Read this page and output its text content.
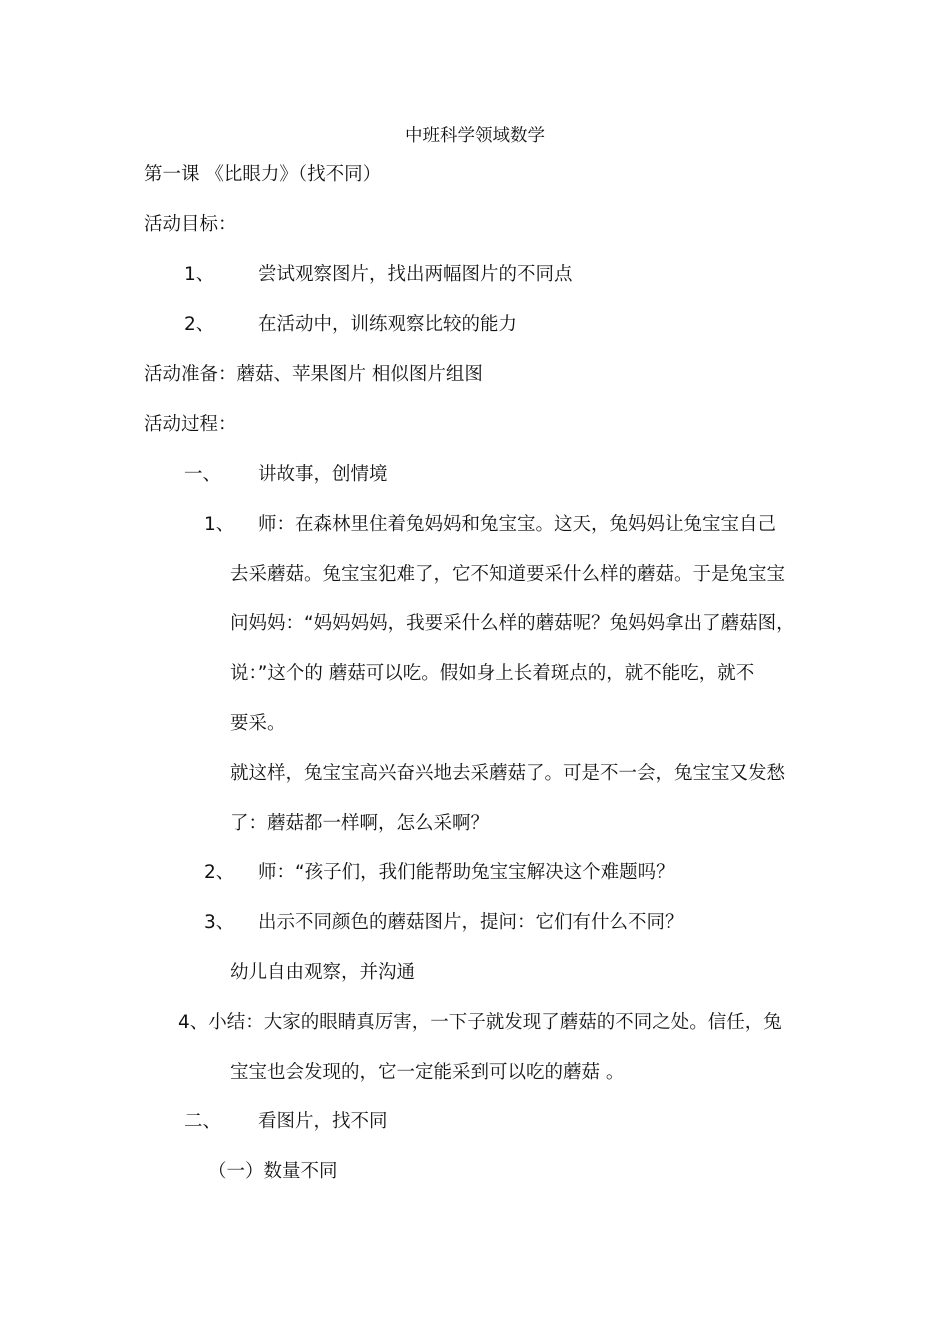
中班科学领域数学
第一课 《比眼力》（找不同）
活动目标：
1、 尝试观察图片，找出两幅图片的不同点
2、 在活动中，训练观察比较的能力
活动准备：蘑菇、苹果图片 相似图片组图
活动过程：
一、 讲故事，创情境
1、 师：在森林里住着兔妈妈和兔宝宝。这天，兔妈妈让兔宝宝自己
去采蘑菇。兔宝宝犯难了，它不知道要采什么样的蘑菇。于是兔宝宝
问妈妈：“妈妈妈妈，我要采什么样的蘑菇呢？兔妈妈拿出了蘑菇图，
说：”这个的 蘑菇可以吃。假如身上长着斑点的，就不能吃，就不
要采。
就这样，兔宝宝高兴奋兴地去采蘑菇了。可是不一会，兔宝宝又发愁
了：蘑菇都一样啊，怎么采啊？
2、 师：“孩子们，我们能帮助兔宝宝解决这个难题吗？
3、 出示不同颜色的蘑菇图片，提问：它们有什么不同？
幼儿自由观察，并沟通
4、小结：大家的眼睛真厉害，一下子就发现了蘑菇的不同之处。信任，兔
宝宝也会发现的，它一定能采到可以吃的蘑菇 。
二、 看图片，找不同
（一）数量不同
